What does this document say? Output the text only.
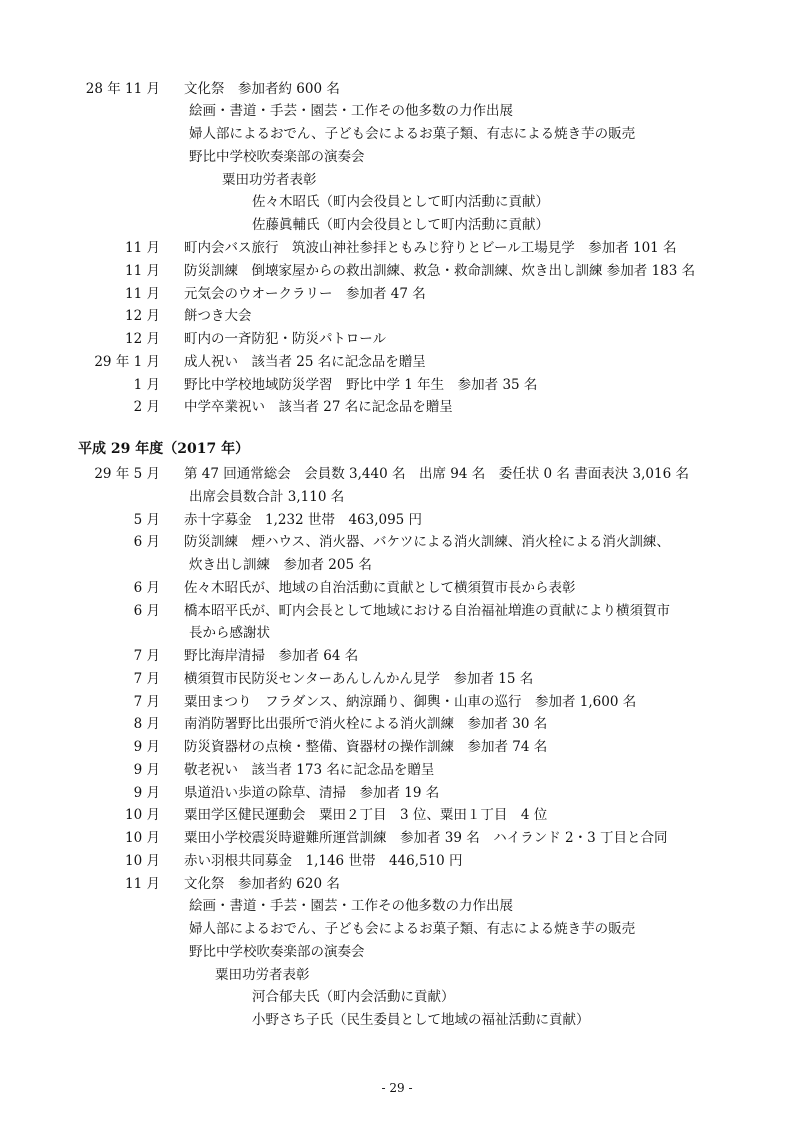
28 年 11 月 文化祭　参加者約 600 名
絵画・書道・手芸・園芸・工作その他多数の力作出展
婦人部によるおでん、子ども会によるお菓子類、有志による焼き芋の販売
野比中学校吹奏楽部の演奏会
粟田功労者表彰
佐々木昭氏（町内会役員として町内活動に貢献）
佐藤眞輔氏（町内会役員として町内活動に貢献）
11 月 町内会バス旅行　筑波山神社参拝ともみじ狩りとビール工場見学　参加者 101 名
11 月 防災訓練　倒壊家屋からの救出訓練、救急・救命訓練、炊き出し訓練 参加者 183 名
11 月 元気会のウオークラリー　参加者 47 名
12 月 餅つき大会
12 月 町内の一斉防犯・防災パトロール
29 年 1 月 成人祝い　該当者 25 名に記念品を贈呈
1 月 野比中学校地域防災学習　野比中学 1 年生　参加者 35 名
2 月 中学卒業祝い　該当者 27 名に記念品を贈呈
平成 29 年度（2017 年）
29 年 5 月 第 47 回通常総会　会員数 3,440 名　出席 94 名　委任状 0 名 書面表決 3,016 名
出席会員数合計 3,110 名
5 月 赤十字募金　1,232 世帯　463,095 円
6 月 防災訓練　煙ハウス、消火器、バケツによる消火訓練、消火栓による消火訓練、
炊き出し訓練　参加者 205 名
6 月 佐々木昭氏が、地域の自治活動に貢献として横須賀市長から表彰
6 月 橋本昭平氏が、町内会長として地域における自治福祉増進の貢献により横須賀市
長から感謝状
7 月 野比海岸清掃　参加者 64 名
7 月 横須賀市民防災センターあんしんかん見学　参加者 15 名
7 月 粟田まつり　フラダンス、納涼踊り、御輿・山車の巡行　参加者 1,600 名
8 月 南消防署野比出張所で消火栓による消火訓練　参加者 30 名
9 月 防災資器材の点検・整備、資器材の操作訓練　参加者 74 名
9 月 敬老祝い　該当者 173 名に記念品を贈呈
9 月 県道沿い歩道の除草、清掃　参加者 19 名
10 月 粟田学区健民運動会　粟田２丁目　3 位、粟田１丁目　4 位
10 月 粟田小学校震災時避難所運営訓練　参加者 39 名　ハイランド 2・3 丁目と合同
10 月 赤い羽根共同募金　1,146 世帯　446,510 円
11 月 文化祭　参加者約 620 名
絵画・書道・手芸・園芸・工作その他多数の力作出展
婦人部によるおでん、子ども会によるお菓子類、有志による焼き芋の販売
野比中学校吹奏楽部の演奏会
粟田功労者表彰
河合郁夫氏（町内会活動に貢献）
小野さち子氏（民生委員として地域の福祉活動に貢献）
- 29 -
